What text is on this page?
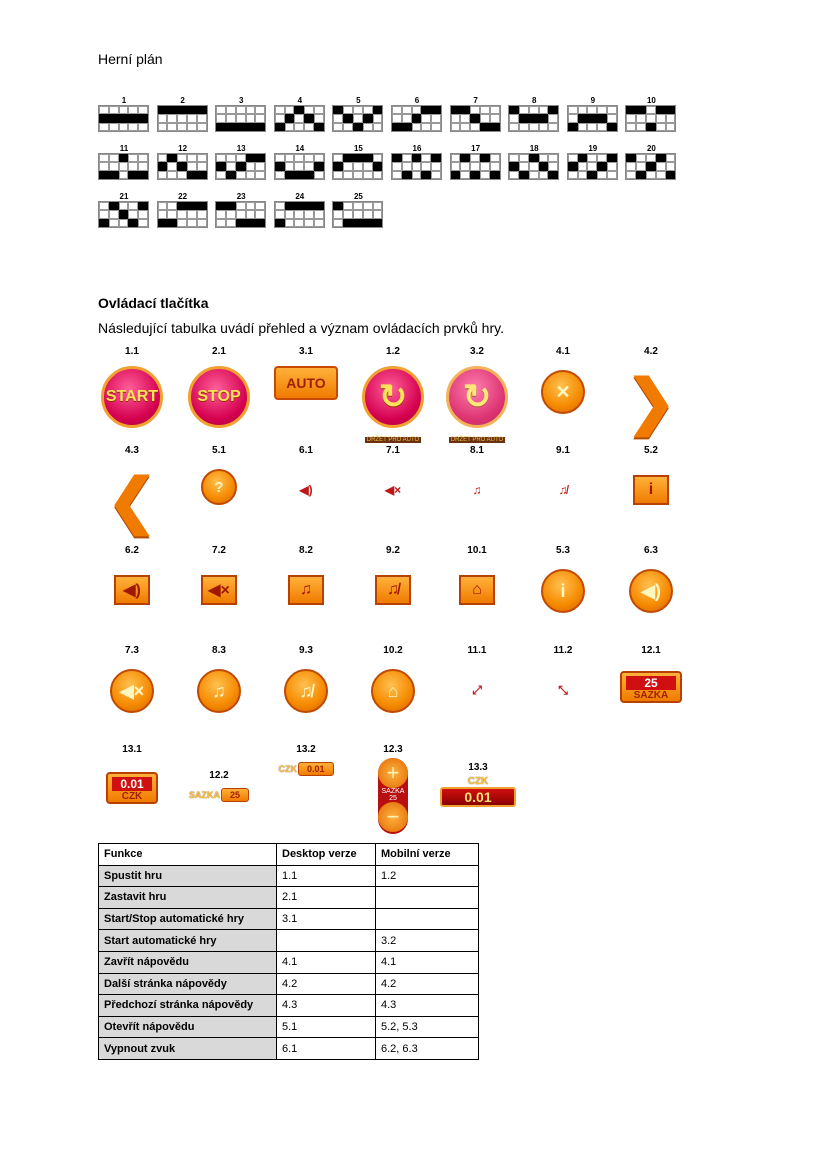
Herní plán
1	2	3	4	5	6	7	8	9	10
11	12	13	14	15	16	17	18	19	20
21	22	23	24	25
Ovládací tlačítka
Následující tabulka uvádí přehled a význam ovládacích prvků hry.
1.1
START
2.1
STOP
3.1
AUTO
1.2
↻
DRŽET PRO AUTO
3.2
↻
DRŽET PRO AUTO
4.1
✕
4.2
❯
4.3
❮
5.1
?
6.1
◀)
7.1
◀×
8.1
♫
9.1
♫̸
5.2
i
6.2
◀)
7.2
◀×
8.2
♫
9.2
♫̸
10.1
⌂
5.3
i
6.3
◀)
7.3
◀×
8.3
♫
9.3
♫̸
10.2
⌂
11.1
⤢
11.2
⤡
12.1
25
SAZKA
13.1
0.01
CZK
12.2
SAZKA	25
13.2
CZK	0.01
12.3
+
SAZKA
25
−
13.3
CZK
0.01
Funkce	Desktop verze	Mobilní verze
Spustit hru	1.1	1.2
Zastavit hru	2.1	
Start/Stop automatické hry	3.1	
Start automatické hry		3.2
Zavřít nápovědu	4.1	4.1
Další stránka nápovědy	4.2	4.2
Předchozí stránka nápovědy	4.3	4.3
Otevřít nápovědu	5.1	5.2, 5.3
Vypnout zvuk	6.1	6.2, 6.3
